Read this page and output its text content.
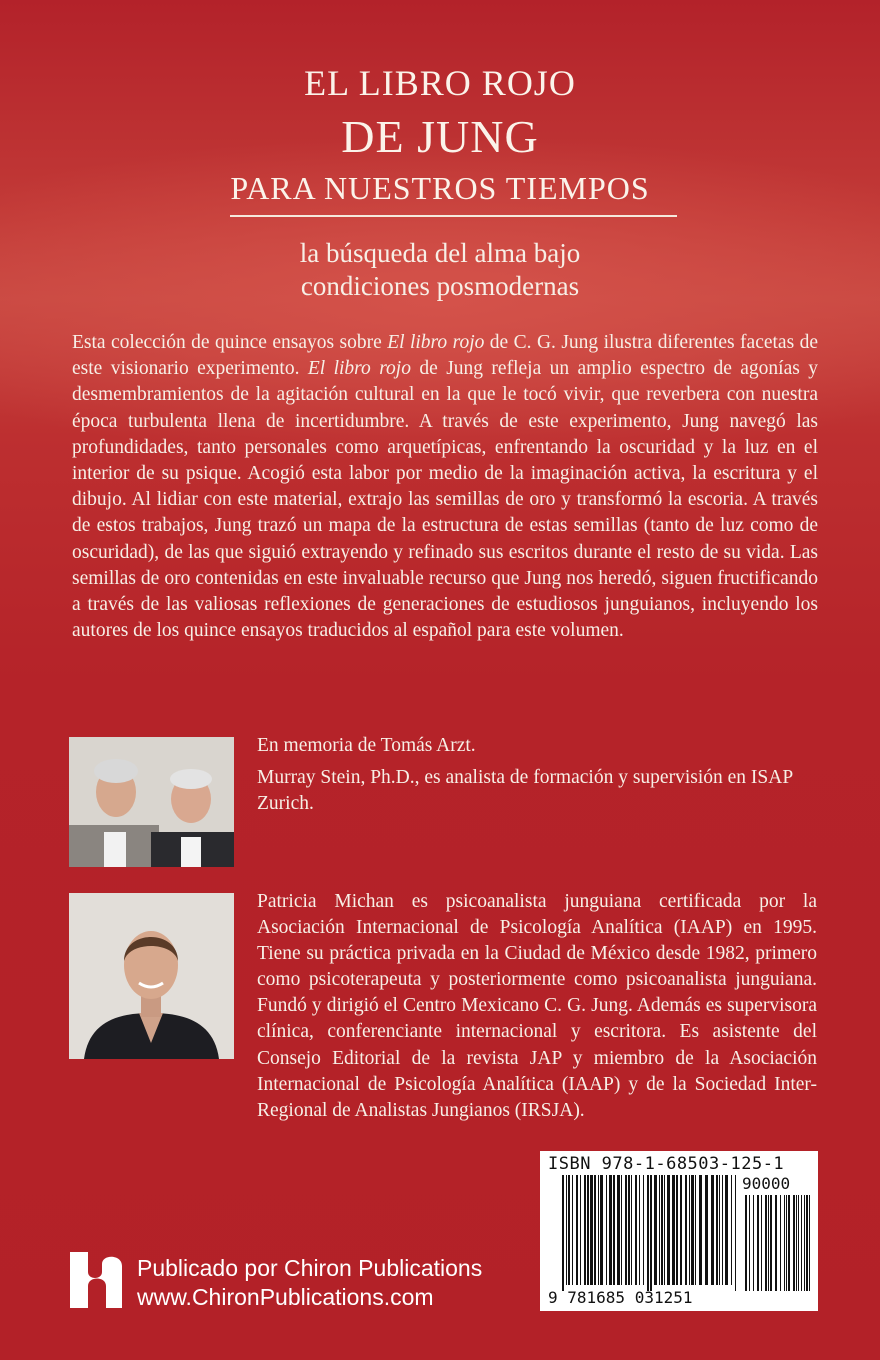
EL LIBRO ROJO
DE JUNG
PARA NUESTROS TIEMPOS
la búsqueda del alma bajo
condiciones posmodernas
Esta colección de quince ensayos sobre El libro rojo de C. G. Jung ilustra diferentes facetas de este visionario experimento. El libro rojo de Jung refleja un amplio espectro de agonías y desmembramientos de la agitación cultural en la que le tocó vivir, que reverbera con nuestra época turbulenta llena de incertidumbre. A través de este experimento, Jung navegó las profundidades, tanto personales como arquetípicas, enfrentando la oscuridad y la luz en el interior de su psique. Acogió esta labor por medio de la imaginación activa, la escritura y el dibujo. Al lidiar con este material, extrajo las semillas de oro y transformó la escoria. A través de estos trabajos, Jung trazó un mapa de la estructura de estas semillas (tanto de luz como de oscuridad), de las que siguió extrayendo y refinado sus escritos durante el resto de su vida. Las semillas de oro contenidas en este invaluable recurso que Jung nos heredó, siguen fructificando a través de las valiosas reflexiones de generaciones de estudiosos junguianos, incluyendo los autores de los quince ensayos traducidos al español para este volumen.

En memoria de Tomás Arzt.

Murray Stein, Ph.D., es analista de formación y supervisión en ISAP Zurich.

Patricia Michan es psicoanalista junguiana certificada por la Asociación Internacional de Psicología Analítica (IAAP) en 1995. Tiene su práctica privada en la Ciudad de México desde 1982, primero como psicoterapeuta y posteriormente como psicoanalista junguiana. Fundó y dirigió el Centro Mexicano C. G. Jung. Además es supervisora clínica, conferenciante internacional y escritora. Es asistente del Consejo Editorial de la revista JAP y miembro de la Asociación Internacional de Psicología Analítica (IAAP) y de la Sociedad Inter-Regional de Analistas Jungianos (IRSJA).
ISBN 978-1-68503-125-1
90000
9 781685 031251
Publicado por Chiron Publications
www.ChironPublications.com
